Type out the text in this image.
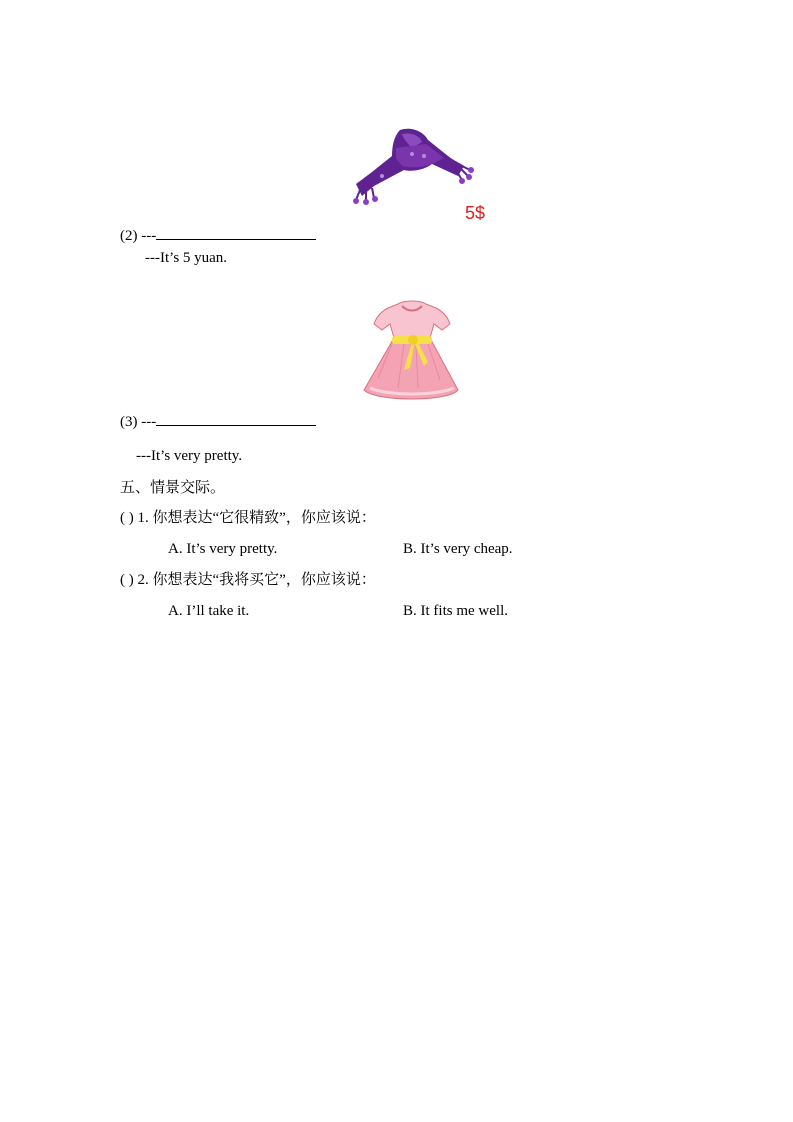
5$
(2) ---
---It’s 5 yuan.
(3) ---
---It’s very pretty.
五、情景交际。
( ) 1. 你想表达“它很精致”，你应该说：
A. It’s very pretty.	B. It’s very cheap.
( ) 2. 你想表达“我将买它”，你应该说：
A. I’ll take it.	B. It fits me well.
